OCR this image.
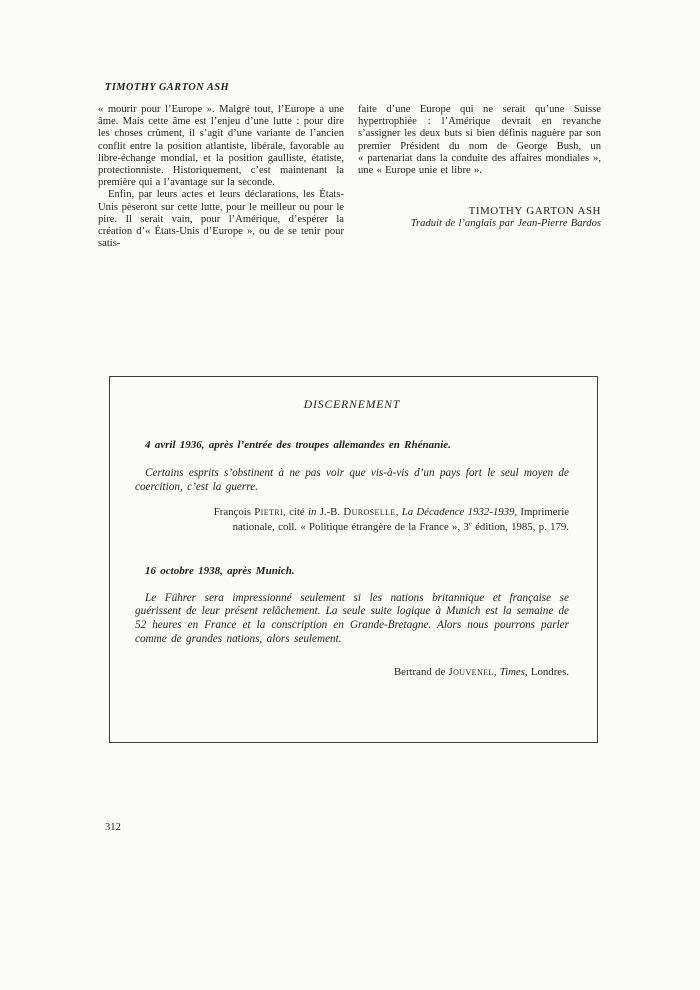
TIMOTHY GARTON ASH

« mourir pour l’Europe ». Malgré tout, l’Europe a une âme. Mais cette âme est l’enjeu d’une lutte : pour dire les choses crûment, il s’agit d’une variante de l’ancien conflit entre la position atlantiste, libérale, favorable au libre-échange mondial, et la position gaulliste, étatiste, protectionniste. Historiquement, c’est maintenant la première qui a l’avantage sur la seconde.

Enfin, par leurs actes et leurs déclarations, les États-Unis pèseront sur cette lutte, pour le meilleur ou pour le pire. Il serait vain, pour l’Amérique, d’espérer la création d’« États-Unis d’Europe », ou de se tenir pour satis-

faite d’une Europe qui ne serait qu’une Suisse hypertrophiée : l’Amérique devrait en revanche s’assigner les deux buts si bien définis naguère par son premier Président du nom de George Bush, un « partenariat dans la conduite des affaires mondiales », une « Europe unie et libre ».

TIMOTHY GARTON ASH
Traduit de l’anglais par Jean-Pierre Bardos
DISCERNEMENT
4 avril 1936, après l’entrée des troupes allemandes en Rhénanie.

Certains esprits s’obstinent à ne pas voir que vis-à-vis d’un pays fort le seul moyen de coercition, c’est la guerre.

François Pietri, cité in J.-B. Duroselle, La Décadence 1932-1939, Imprimerie nationale, coll. « Politique étrangère de la France », 3e édition, 1985, p. 179.

16 octobre 1938, après Munich.

Le Führer sera impressionné seulement si les nations britannique et française se guérissent de leur présent relâchement. La seule suite logique à Munich est la semaine de 52 heures en France et la conscription en Grande-Bretagne. Alors nous pourrons parler comme de grandes nations, alors seulement.

Bertrand de Jouvenel, Times, Londres.

312
